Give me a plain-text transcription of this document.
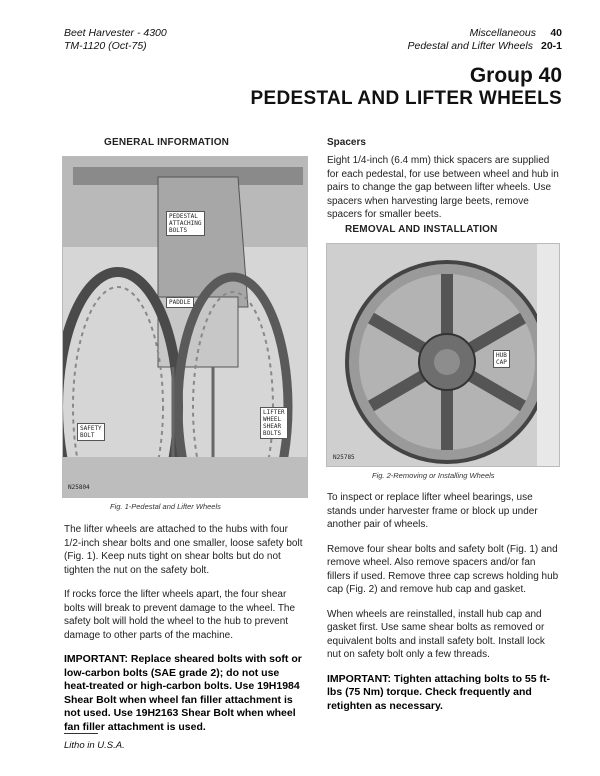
Beet Harvester - 4300
TM-1120 (Oct-75)
Miscellaneous 40
Pedestal and Lifter Wheels 20-1
Group 40
PEDESTAL AND LIFTER WHEELS
GENERAL INFORMATION
PEDESTAL
ATTACHING
BOLTS
PADDLE
LIFTER
WHEEL
SHEAR
BOLTS
SAFETY
BOLT
N25804
Fig. 1-Pedestal and Lifter Wheels

The lifter wheels are attached to the hubs with four 1/2-inch shear bolts and one smaller, loose safety bolt (Fig. 1). Keep nuts tight on shear bolts but do not tighten the nut on the safety bolt.

If rocks force the lifter wheels apart, the four shear bolts will break to prevent damage to the wheel. The safety bolt will hold the wheel to the hub to prevent damage to other parts of the machine.

IMPORTANT: Replace sheared bolts with soft or low-carbon bolts (SAE grade 2); do not use heat-treated or high-carbon bolts. Use 19H1984 Shear Bolt when wheel fan filler attachment is not used. Use 19H2163 Shear Bolt when wheel fan filler attachment is used.

Spacers

Eight 1/4-inch (6.4 mm) thick spacers are supplied for each pedestal, for use between wheel and hub in pairs to change the gap between lifter wheels. Use spacers when harvesting large beets, remove spacers for smaller beets.

REMOVAL AND INSTALLATION
HUB
CAP
N25785
Fig. 2-Removing or Installing Wheels

To inspect or replace lifter wheel bearings, use stands under harvester frame or block up under another pair of wheels.

Remove four shear bolts and safety bolt (Fig. 1) and remove wheel. Also remove spacers and/or fan fillers if used. Remove three cap screws holding hub cap (Fig. 2) and remove hub cap and gasket.

When wheels are reinstalled, install hub cap and gasket first. Use same shear bolts as removed or equivalent bolts and install safety bolt. Install lock nut on safety bolt only a few threads.

IMPORTANT: Tighten attaching bolts to 55 ft-lbs (75 Nm) torque. Check frequently and retighten as necessary.

Litho in U.S.A.
